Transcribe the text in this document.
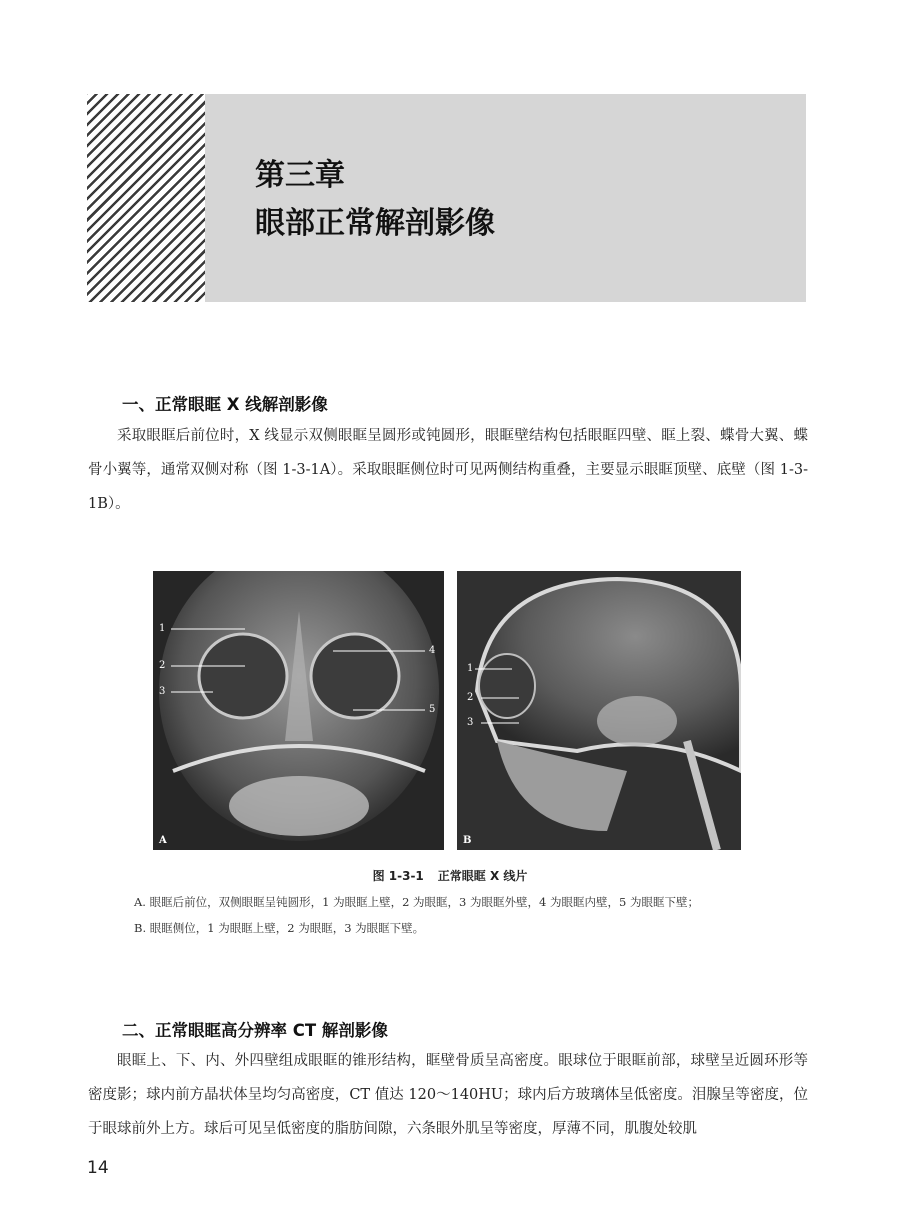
第三章
眼部正常解剖影像
一、正常眼眶 X 线解剖影像

采取眼眶后前位时，X 线显示双侧眼眶呈圆形或钝圆形，眼眶壁结构包括眼眶四壁、眶上裂、蝶骨大翼、蝶骨小翼等，通常双侧对称（图 1-3-1A）。采取眼眶侧位时可见两侧结构重叠，主要显示眼眶顶壁、底壁（图 1-3-1B）。

1
2
3
4
5
A
1
2
3
B

图 1-3-1 正常眼眶 X 线片

A. 眼眶后前位，双侧眼眶呈钝圆形，1 为眼眶上壁，2 为眼眶，3 为眼眶外壁，4 为眼眶内壁，5 为眼眶下壁；

B. 眼眶侧位，1 为眼眶上壁，2 为眼眶，3 为眼眶下壁。

二、正常眼眶高分辨率 CT 解剖影像

眼眶上、下、内、外四壁组成眼眶的锥形结构，眶壁骨质呈高密度。眼球位于眼眶前部，球壁呈近圆环形等密度影；球内前方晶状体呈均匀高密度，CT 值达 120～140HU；球内后方玻璃体呈低密度。泪腺呈等密度，位于眼球前外上方。球后可见呈低密度的脂肪间隙，六条眼外肌呈等密度，厚薄不同，肌腹处较肌

14
